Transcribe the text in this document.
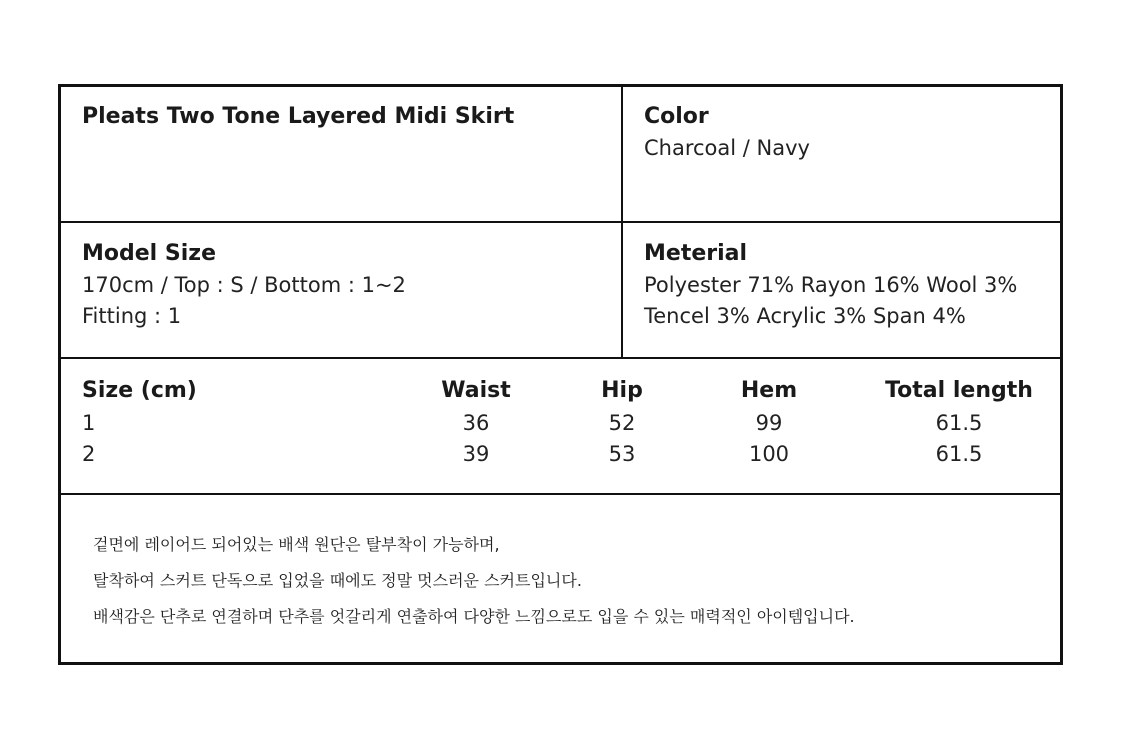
Pleats Two Tone Layered Midi Skirt	Color
Charcoal / Navy
Model Size
170cm / Top : S / Bottom : 1~2
Fitting : 1
Meterial
Polyester 71% Rayon 16% Wool 3%
Tencel 3% Acrylic 3% Span 4%
Size (cm)
1
2
Waist
36
39
Hip
52
53
Hem
99
100
Total length
61.5
61.5
겉면에 레이어드 되어있는 배색 원단은 탈부착이 가능하며,
탈착하여 스커트 단독으로 입었을 때에도 정말 멋스러운 스커트입니다.
배색감은 단추로 연결하며 단추를 엇갈리게 연출하여 다양한 느낌으로도 입을 수 있는 매력적인 아이템입니다.
